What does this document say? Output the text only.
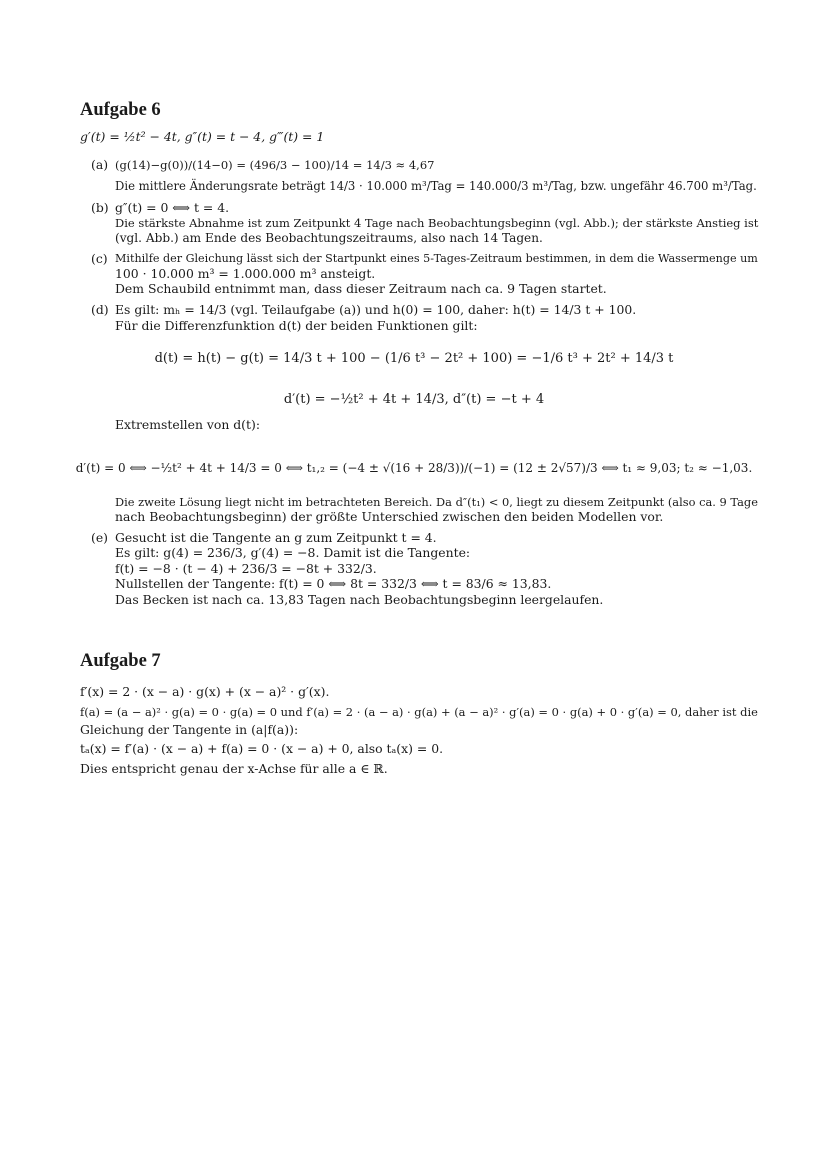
Aufgabe 6
g′(t) = ½t² − 4t, g″(t) = t − 4, g‴(t) = 1
(a) (g(14)−g(0))/(14−0) = (496/3 − 100)/14 = 14/3 ≈ 4,67
Die mittlere Änderungsrate beträgt 14/3 · 10.000 m³/Tag = 140.000/3 m³/Tag, bzw. ungefähr 46.700 m³/Tag.
(b) g″(t) = 0 ⟺ t = 4.
Die stärkste Abnahme ist zum Zeitpunkt 4 Tage nach Beobachtungsbeginn (vgl. Abb.); der stärkste Anstieg ist
(vgl. Abb.) am Ende des Beobachtungszeitraums, also nach 14 Tagen.
(c) Mithilfe der Gleichung lässt sich der Startpunkt eines 5-Tages-Zeitraum bestimmen, in dem die Wassermenge um
100 · 10.000 m³ = 1.000.000 m³ ansteigt.
Dem Schaubild entnimmt man, dass dieser Zeitraum nach ca. 9 Tagen startet.
(d) Es gilt: mₕ = 14/3 (vgl. Teilaufgabe (a)) und h(0) = 100, daher: h(t) = 14/3 t + 100.
Für die Differenzfunktion d(t) der beiden Funktionen gilt:
d(t) = h(t) − g(t) = 14/3 t + 100 − (1/6 t³ − 2t² + 100) = −1/6 t³ + 2t² + 14/3 t
d′(t) = −½t² + 4t + 14/3, d″(t) = −t + 4
Extremstellen von d(t):
d′(t) = 0 ⟺ −½t² + 4t + 14/3 = 0 ⟺ t₁,₂ = (−4 ± √(16 + 28/3))/(−1) = (12 ± 2√57)/3 ⟺ t₁ ≈ 9,03; t₂ ≈ −1,03.
Die zweite Lösung liegt nicht im betrachteten Bereich. Da d″(t₁) < 0, liegt zu diesem Zeitpunkt (also ca. 9 Tage
nach Beobachtungsbeginn) der größte Unterschied zwischen den beiden Modellen vor.
(e) Gesucht ist die Tangente an g zum Zeitpunkt t = 4.
Es gilt: g(4) = 236/3, g′(4) = −8. Damit ist die Tangente:
f(t) = −8 · (t − 4) + 236/3 = −8t + 332/3.
Nullstellen der Tangente: f(t) = 0 ⟺ 8t = 332/3 ⟺ t = 83/6 ≈ 13,83.
Das Becken ist nach ca. 13,83 Tagen nach Beobachtungsbeginn leergelaufen.
Aufgabe 7
f′(x) = 2 · (x − a) · g(x) + (x − a)² · g′(x).
f(a) = (a − a)² · g(a) = 0 · g(a) = 0 und f′(a) = 2 · (a − a) · g(a) + (a − a)² · g′(a) = 0 · g(a) + 0 · g′(a) = 0, daher ist die
Gleichung der Tangente in (a|f(a)):
tₐ(x) = f′(a) · (x − a) + f(a) = 0 · (x − a) + 0, also tₐ(x) = 0.
Dies entspricht genau der x-Achse für alle a ∈ ℝ.
